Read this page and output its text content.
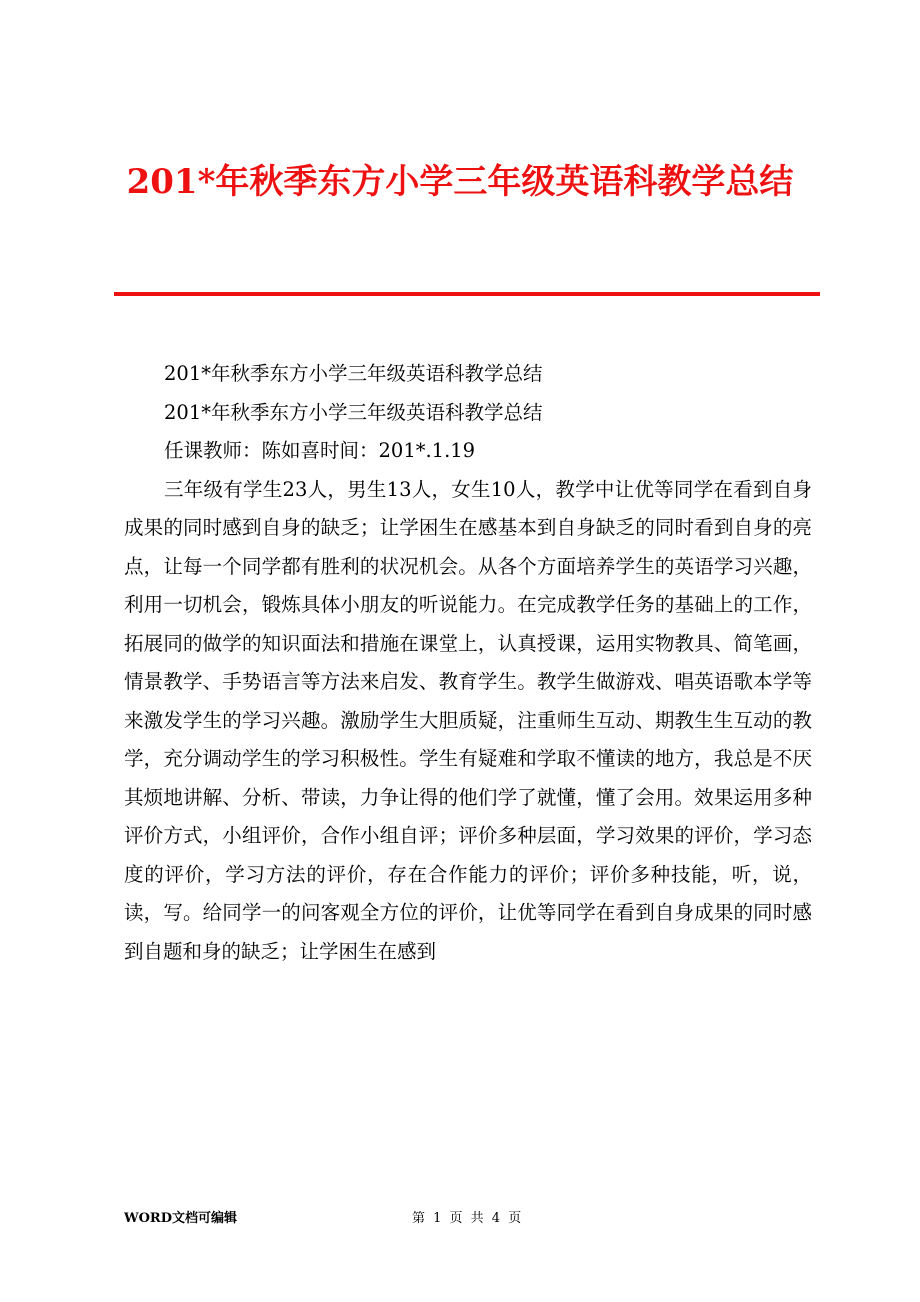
201*年秋季东方小学三年级英语科教学总结

201*年秋季东方小学三年级英语科教学总结

201*年秋季东方小学三年级英语科教学总结

任课教师：陈如喜时间：201*.1.19

三年级有学生23人，男生13人，女生10人，教学中让优等同学在看到自身成果的同时感到自身的缺乏；让学困生在感基本到自身缺乏的同时看到自身的亮点，让每一个同学都有胜利的状况机会。从各个方面培养学生的英语学习兴趣，利用一切机会，锻炼具体小朋友的听说能力。在完成教学任务的基础上的工作，拓展同的做学的知识面法和措施在课堂上，认真授课，运用实物教具、简笔画，情景教学、手势语言等方法来启发、教育学生。教学生做游戏、唱英语歌本学等来激发学生的学习兴趣。激励学生大胆质疑，注重师生互动、期教生生互动的教学，充分调动学生的学习积极性。学生有疑难和学取不懂读的地方，我总是不厌其烦地讲解、分析、带读，力争让得的他们学了就懂，懂了会用。效果运用多种评价方式，小组评价，合作小组自评；评价多种层面，学习效果的评价，学习态度的评价，学习方法的评价，存在合作能力的评价；评价多种技能，听，说，读，写。给同学一的问客观全方位的评价，让优等同学在看到自身成果的同时感到自题和身的缺乏；让学困生在感到

WORD文档可编辑	第 1 页 共 4 页
